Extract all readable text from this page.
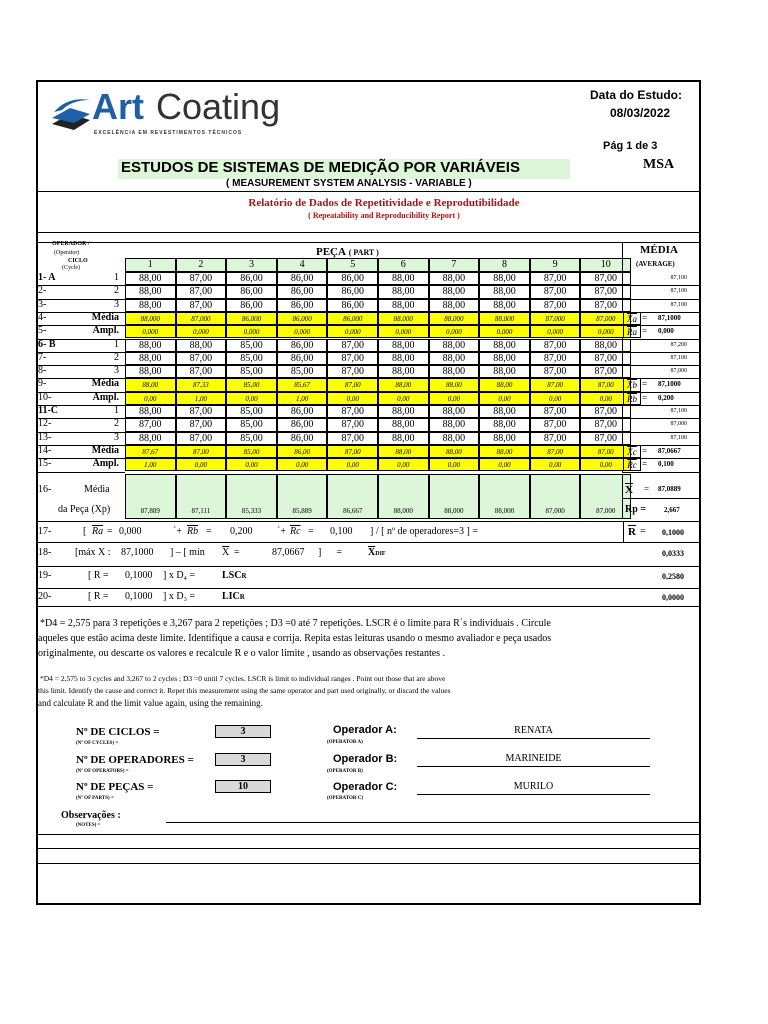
Art Coating
EXCELÊNCIA EM REVESTIMENTOS TÉCNICOS
Data do Estudo:
08/03/2022
Pág 1 de 3
MSA
ESTUDOS DE SISTEMAS DE MEDIÇÃO POR VARIÁVEIS
( MEASUREMENT SYSTEM ANALYSIS - VARIABLE )
Relatório de Dados de Repetitividade e Reprodutibilidade
( Repeatability and Reproducibility Report )
OPERADOR /
(Operator)
CICLO
(Cycle)
PEÇA ( PART )	MÉDIA
(AVERAGE)
1	2	3	4	5	6	7	8	9	10
1- A	1	88,00	87,00	86,00	86,00	86,00	88,00	88,00	88,00	87,00	87,00	87,100
2-	2	88,00	87,00	86,00	86,00	86,00	88,00	88,00	88,00	87,00	87,00	87,100
3-	3	88,00	87,00	86,00	86,00	86,00	88,00	88,00	88,00	87,00	87,00	87,100
4-	Média	88,000	87,000	86,000	86,000	86,000	88,000	88,000	88,000	87,000	87,000	$\overline{Xa} = 87,1000$
5-	Ampl.	0,000	0,000	0,000	0,000	0,000	0,000	0,000	0,000	0,000	0,000	$\overline{Ra} = 0,000$
6- B	1	88,00	88,00	85,00	86,00	87,00	88,00	88,00	88,00	87,00	88,00	87,200
7-	2	88,00	87,00	85,00	86,00	87,00	88,00	88,00	88,00	87,00	87,00	87,100
8-	3	88,00	87,00	85,00	85,00	87,00	88,00	88,00	88,00	87,00	87,00	87,000
9-	Média	88,00	87,33	85,00	85,67	87,00	88,00	88,00	88,00	87,00	87,00	$\overline{Xb} = 87,1000$
10-	Ampl.	0,00	1,00	0,00	1,00	0,00	0,00	0,00	0,00	0,00	0,00	$\overline{Rb} = 0,200$
11-C	1	88,00	87,00	85,00	86,00	87,00	88,00	88,00	88,00	87,00	87,00	87,100
12-	2	87,00	87,00	85,00	86,00	87,00	88,00	88,00	88,00	87,00	87,00	87,000
13-	3	88,00	87,00	85,00	86,00	87,00	88,00	88,00	88,00	87,00	87,00	87,100
14-	Média	87,67	87,00	85,00	86,00	87,00	88,00	88,00	88,00	87,00	87,00	$\overline{Xc} = 87,0667$
15-	Ampl.	1,00	0,00	0,00	0,00	0,00	0,00	0,00	0,00	0,00	0,00	$\overline{Rc} = 0,100$
16-	Média
da Peça (Xp)	87,889	87,111	85,333	85,889	86,667	88,000	88,000	88,000	87,000	87,000
$\overline{X} = 87,0889$
Rp =	2,667
17-	[ $\overline{Ra} = 0,000$	´+ $\overline{Rb} = 0,200$ ´+ $\overline{Rc} = 0,100$ ] / [ nº de operadores=3 ] =	$\overline{R} = 0,1000$
18- [máx X : 87,1000 ] – [ mín $\overline{X}$ =	87,0667 ]      =	$\overline{X}DIF$	0,0333
19-	[ R = 0,1000 ] x D₄ =	LSCR	0,2580
20-	[ R = 0,1000 ] x D₃ =	LICR	0,0000
*D4 = 2,575 para 3 repetições e 3,267 para 2 repetições ; D3 =0 até 7 repetições. LSCR é o limite para R´s individuais . Circule
aqueles que estão acima deste limite. Identifique a causa e corrija. Repita estas leituras usando o mesmo avaliador e peça usados
originalmente, ou descarte os valores e recalcule R e o valor limite , usando as observações restantes .
*D4 = 2,575 to 3 cycles and 3,267 to 2 cycles ; D3 =0 until 7 cycles. LSCR is limit to individual ranges . Point out those that are above
this limit. Identify the cause and correct it. Repet this measurement using the same operator and part used originally, or discard the values
and calculate R and the limit value again, using the remaining.
Nº DE CICLOS =
(Nº OF CYCLES) =
3
Nº DE OPERADORES =
(Nº OF OPERATORS) =
3
Nº DE PEÇAS =
(Nº OF PARTS) =
10
Operador A:
(OPERATOR A)
RENATA
Operador B:
(OPERATOR B)
MARINEIDE
Operador C:
(OPERATOR C)
MURILO
Observações :
(NOTES) =
